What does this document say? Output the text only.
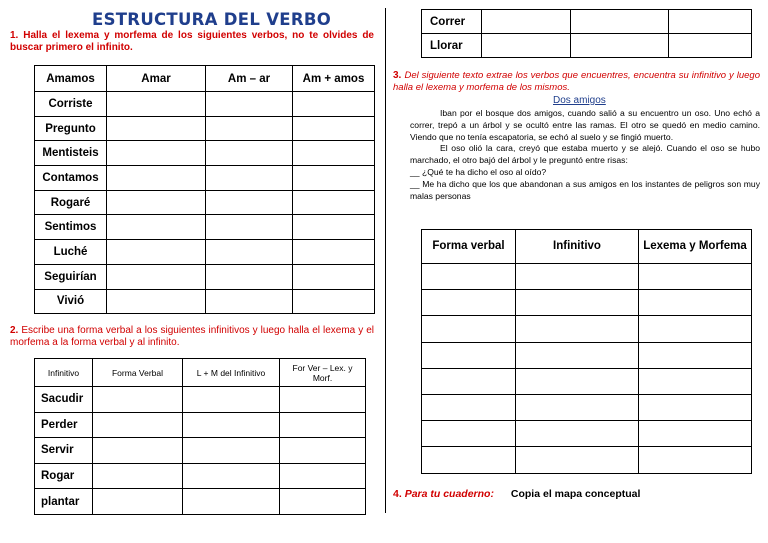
ESTRUCTURA DEL VERBO
1. Halla el lexema y morfema de los siguientes verbos, no te olvides de buscar primero el infinito.
Amamos	Amar	Am – ar	Am + amos
Corriste			
Pregunto			
Mentisteis			
Contamos			
Rogaré			
Sentimos			
Luché			
Seguirían			
Vivió			
2. Escribe una forma verbal a los siguientes infinitivos y luego halla el lexema y el morfema a la forma verbal y al infinito.
Infinitivo	Forma Verbal	L + M del Infinitivo	For Ver – Lex. y Morf.
Sacudir			
Perder			
Servir			
Rogar			
plantar			
Correr			
Llorar			
3. Del siguiente texto extrae los verbos que encuentres, encuentra su infinitivo y luego halla el lexema y morfema de los mismos.
Dos amigos

Iban por el bosque dos amigos, cuando salió a su encuentro un oso. Uno echó a correr, trepó a un árbol y se ocultó entre las ramas. El otro se quedó en medio camino. Viendo que no tenía escapatoria, se echó al suelo y se fingió muerto.

El oso olió la cara, creyó que estaba muerto y se alejó. Cuando el oso se hubo marchado, el otro bajó del árbol y le preguntó entre risas:

__ ¿Qué te ha dicho el oso al oído?

__ Me ha dicho que los que abandonan a sus amigos en los instantes de peligros son muy malas personas

Forma verbal	Infinitivo	Lexema y Morfema

4. Para tu cuaderno: Copia el mapa conceptual
